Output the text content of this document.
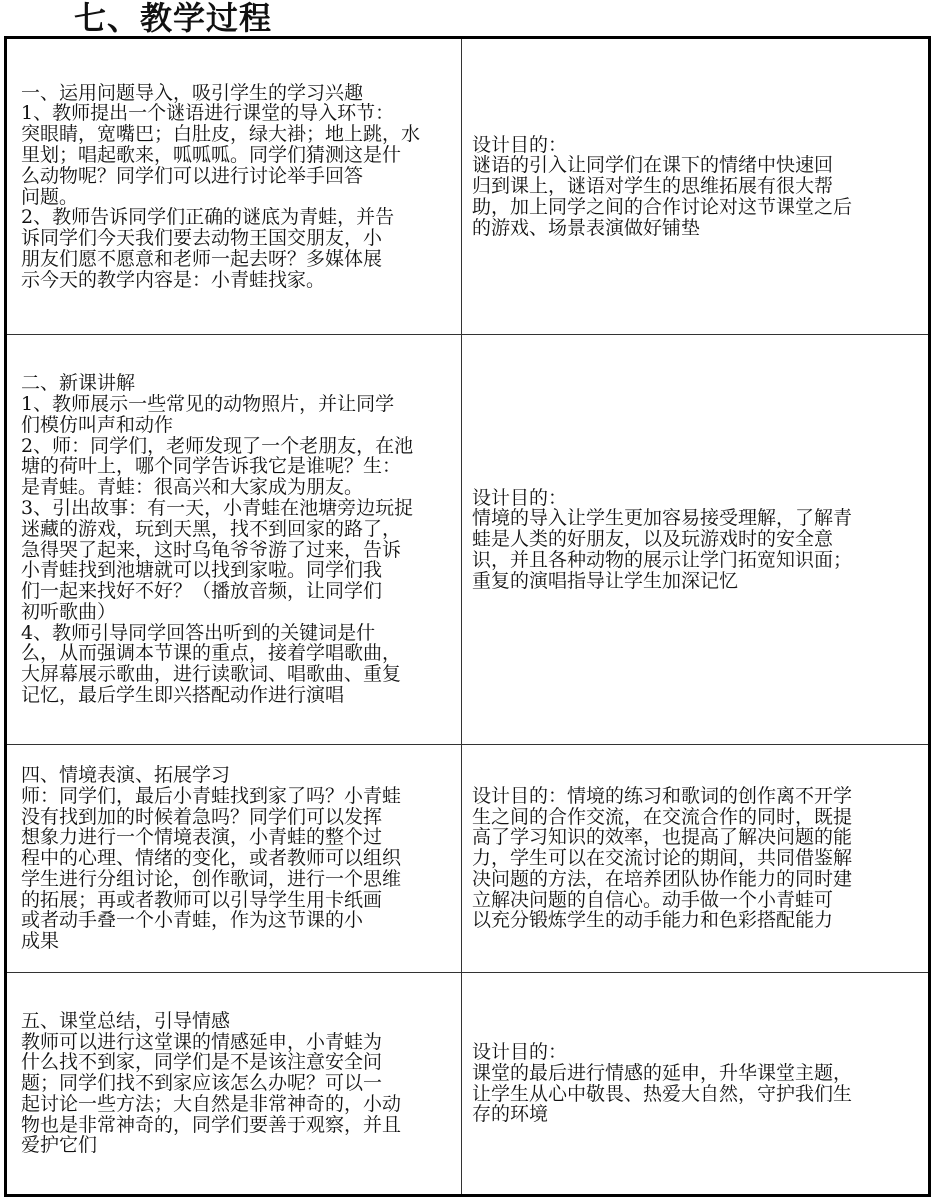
七、教学过程
一、运用问题导入，吸引学生的学习兴趣
1、教师提出一个谜语进行课堂的导入环节：
突眼睛，宽嘴巴；白肚皮，绿大褂；地上跳，水
里划；唱起歌来，呱呱呱。同学们猜测这是什
么动物呢？同学们可以进行讨论举手回答
问题。
2、教师告诉同学们正确的谜底为青蛙，并告
诉同学们今天我们要去动物王国交朋友，小
朋友们愿不愿意和老师一起去呀？多媒体展
示今天的教学内容是：小青蛙找家。
设计目的：
谜语的引入让同学们在课下的情绪中快速回
归到课上，谜语对学生的思维拓展有很大帮
助，加上同学之间的合作讨论对这节课堂之后
的游戏、场景表演做好铺垫
二、新课讲解
1、教师展示一些常见的动物照片，并让同学
们模仿叫声和动作
2、师：同学们，老师发现了一个老朋友，在池
塘的荷叶上，哪个同学告诉我它是谁呢？生：
是青蛙。青蛙：很高兴和大家成为朋友。
3、引出故事：有一天，小青蛙在池塘旁边玩捉
迷藏的游戏，玩到天黑，找不到回家的路了，
急得哭了起来，这时乌龟爷爷游了过来，告诉
小青蛙找到池塘就可以找到家啦。同学们我
们一起来找好不好？（播放音频，让同学们
初听歌曲）
4、教师引导同学回答出听到的关键词是什
么，从而强调本节课的重点，接着学唱歌曲，
大屏幕展示歌曲，进行读歌词、唱歌曲、重复
记忆，最后学生即兴搭配动作进行演唱
设计目的：
情境的导入让学生更加容易接受理解，了解青
蛙是人类的好朋友，以及玩游戏时的安全意
识，并且各种动物的展示让学门拓宽知识面；
重复的演唱指导让学生加深记忆
四、情境表演、拓展学习
师：同学们，最后小青蛙找到家了吗？小青蛙
没有找到加的时候着急吗？同学们可以发挥
想象力进行一个情境表演，小青蛙的整个过
程中的心理、情绪的变化，或者教师可以组织
学生进行分组讨论，创作歌词，进行一个思维
的拓展；再或者教师可以引导学生用卡纸画
或者动手叠一个小青蛙，作为这节课的小
成果
设计目的：情境的练习和歌词的创作离不开学
生之间的合作交流，在交流合作的同时，既提
高了学习知识的效率，也提高了解决问题的能
力，学生可以在交流讨论的期间，共同借鉴解
决问题的方法，在培养团队协作能力的同时建
立解决问题的自信心。动手做一个小青蛙可
以充分锻炼学生的动手能力和色彩搭配能力
五、课堂总结，引导情感
教师可以进行这堂课的情感延申，小青蛙为
什么找不到家，同学们是不是该注意安全问
题；同学们找不到家应该怎么办呢？可以一
起讨论一些方法；大自然是非常神奇的，小动
物也是非常神奇的，同学们要善于观察，并且
爱护它们
设计目的：
课堂的最后进行情感的延申，升华课堂主题，
让学生从心中敬畏、热爱大自然，守护我们生
存的环境
